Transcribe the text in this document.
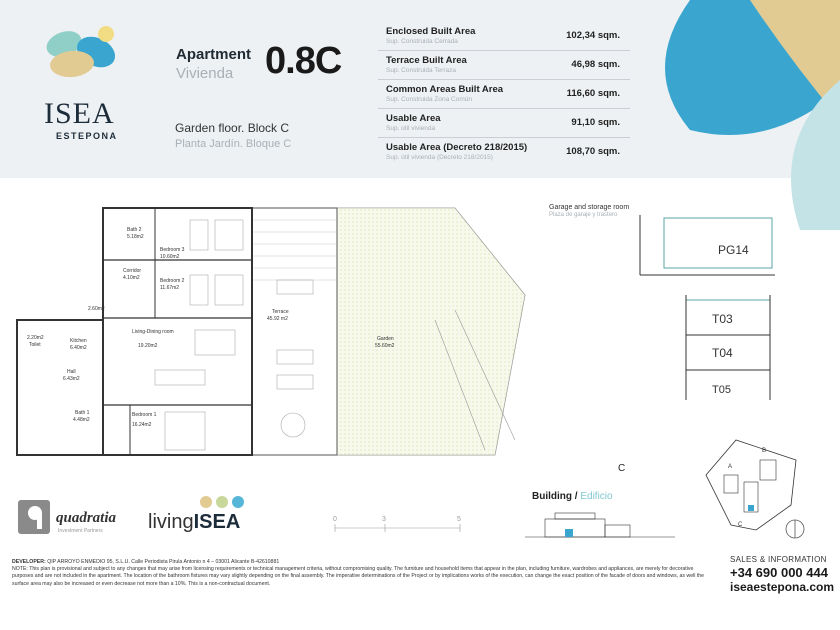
ISEA
ESTEPONA
Apartment
Vivienda 0.8C
Garden floor. Block C
Planta Jardín. Bloque C
Enclosed Built Area
Sup. Construida Cerrada
102,34 sqm.
Terrace Built Area
Sup. Construida Terraza
46,98 sqm.
Common Areas Built Area
Sup. Construida Zona Común
116,60 sqm.
Usable Area
Sup. útil vivienda
91,10 sqm.
Usable Area (Decreto 218/2015)
Sup. útil vivienda (Decreto 218/2015)
108,70 sqm.
Bath 2
5.18m2
Bedroom 3
10.60m2
Corridor
4.10m2	Bedroom 2
11.67m2
2.60m2
Living-Dining room
19.20m2
Kitchen
6.40m2
2.20m2
Toilet
Hall
6.43m2
Bath 1
4.48m2
Bedroom 1
16.24m2
Terrace
45.92 m2
Garden
55.60m2
Garage and storage room
Plaza de garaje y trastero
PG14
T03
T04
T05
C	A
B
C
quadratia
Investment Partners livingISEA	0	3	5
Building / Edificio
DEVELOPER: QIP ARROYO ENMEDIO 95, S.L.U. Calle Periodista Pirula Antonio n 4 – 03001 Alicante B-42610881
NOTE: This plan is provisional and subject to any changes that may arise from licensing requirements or technical management criteria, without compromising quality. The furniture and household items that appear in the plan, including furniture, wardrobes and appliances, are merely for decorative purposes and are not included in the apartment. The location of the bathroom fixtures may vary slightly depending on the final assembly. The imperative determinations of the Project or by implications works of the execution, can change the exact position of the facade of doors and windows, as well the surface area may also be increased or even decrease not more than a 10%. This is a non-contractual document.
SALES & INFORMATION
+34 690 000 444
iseaestepona.com
